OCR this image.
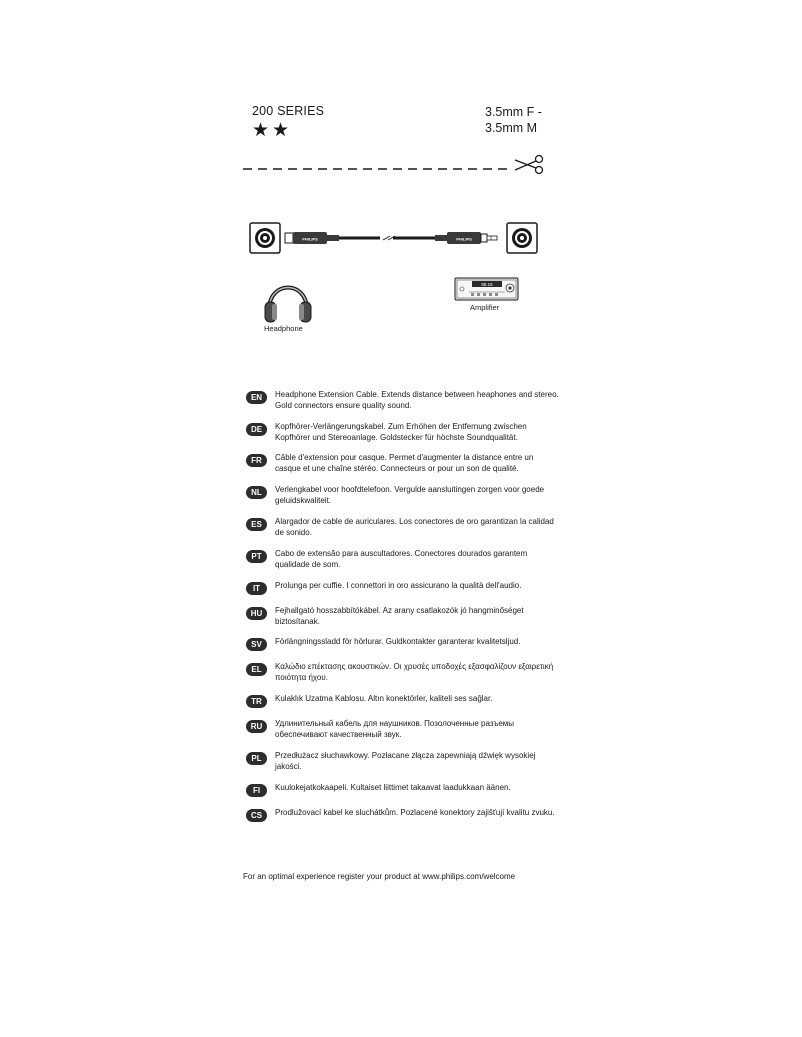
200 SERIES
★★
3.5mm F -
3.5mm M
PHILIPS	PHILIPS
88.16
Headphone
Amplifier
EN	Headphone Extension Cable. Extends distance between heaphones and stereo. Gold connectors ensure quality sound.
DE	Kopfhörer-Verlängerungskabel. Zum Erhöhen der Entfernung zwischen Kopfhörer und Stereoanlage. Goldstecker für höchste Soundqualität.
FR	Câble d'extension pour casque. Permet d'augmenter la distance entre un casque et une chaîne stéréo. Connecteurs or pour un son de qualité.
NL	Verlengkabel voor hoofdtelefoon. Vergulde aansluitingen zorgen voor goede geluidskwaliteit.
ES	Alargador de cable de auriculares. Los conectores de oro garantizan la calidad de sonido.
PT	Cabo de extensão para auscultadores. Conectores dourados garantem qualidade de som.
IT	Prolunga per cuffie. I connettori in oro assicurano la qualità dell'audio.
HU	Fejhallgató hosszabbítókábel. Az arany csatlakozók jó hangminőséget biztosítanak.
SV	Förlängningssladd för hörlurar. Guldkontakter garanterar kvalitetsljud.
EL	Καλώδιο επέκτασης ακουστικών. Οι χρυσές υποδοχές εξασφαλίζουν εξαιρετική ποιότητα ήχου.
TR	Kulaklık Uzatma Kablosu. Altın konektörler, kaliteli ses sağlar.
RU	Удлинительный кабель для наушников. Позолоченные разъемы обеспечивают качественный звук.
PL	Przedłużacz słuchawkowy. Pozłacane złącza zapewniają dźwięk wysokiej jakości.
FI	Kuulokejatkokaapeli. Kultaiset liittimet takaavat laadukkaan äänen.
CS	Prodlužovací kabel ke sluchátkům. Pozlacené konektory zajišťují kvalitu zvuku.
For an optimal experience register your product at www.philips.com/welcome
